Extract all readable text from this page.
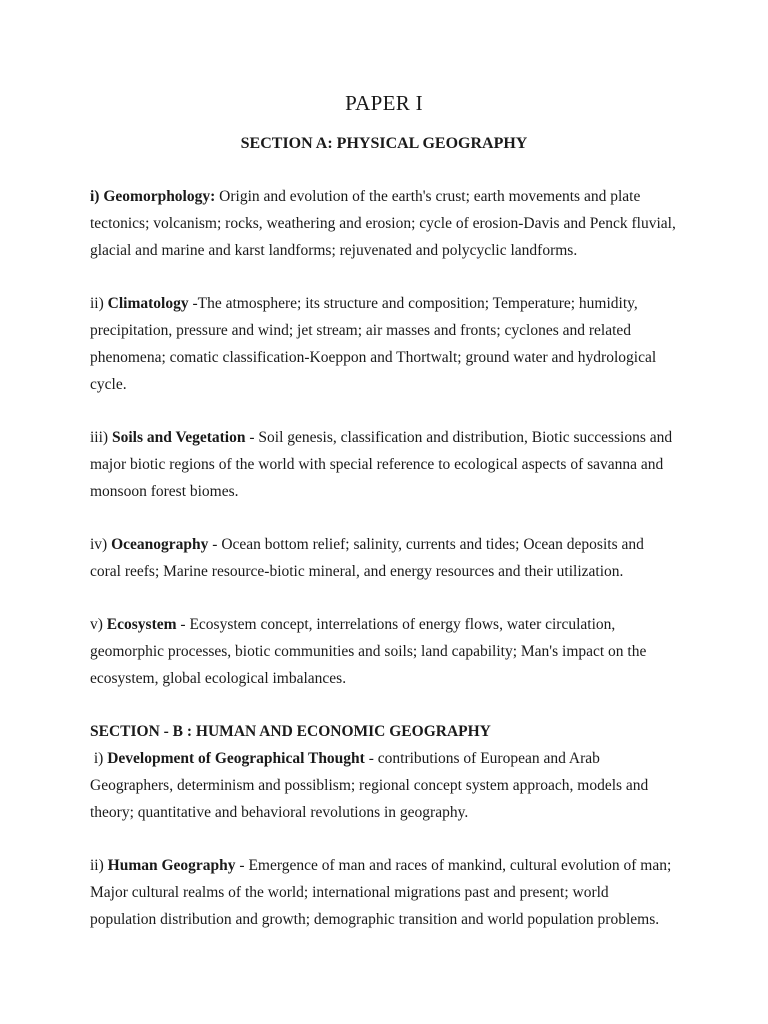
PAPER I
SECTION A: PHYSICAL GEOGRAPHY

i) Geomorphology: Origin and evolution of the earth's crust; earth movements and plate tectonics; volcanism; rocks, weathering and erosion; cycle of erosion-Davis and Penck fluvial, glacial and marine and karst landforms; rejuvenated and polycyclic landforms.

ii) Climatology -The atmosphere; its structure and composition; Temperature; humidity, precipitation, pressure and wind; jet stream; air masses and fronts; cyclones and related phenomena; comatic classification-Koeppon and Thortwalt; ground water and hydrological cycle.

iii) Soils and Vegetation - Soil genesis, classification and distribution, Biotic successions and major biotic regions of the world with special reference to ecological aspects of savanna and monsoon forest biomes.

iv) Oceanography - Ocean bottom relief; salinity, currents and tides; Ocean deposits and coral reefs; Marine resource-biotic mineral, and energy resources and their utilization.

v) Ecosystem - Ecosystem concept, interrelations of energy flows, water circulation, geomorphic processes, biotic communities and soils; land capability; Man's impact on the ecosystem, global ecological imbalances.

SECTION - B : HUMAN AND ECONOMIC GEOGRAPHY

i) Development of Geographical Thought - contributions of European and Arab Geographers, determinism and possiblism; regional concept system approach, models and theory; quantitative and behavioral revolutions in geography.

ii) Human Geography - Emergence of man and races of mankind, cultural evolution of man; Major cultural realms of the world; international migrations past and present; world population distribution and growth; demographic transition and world population problems.
